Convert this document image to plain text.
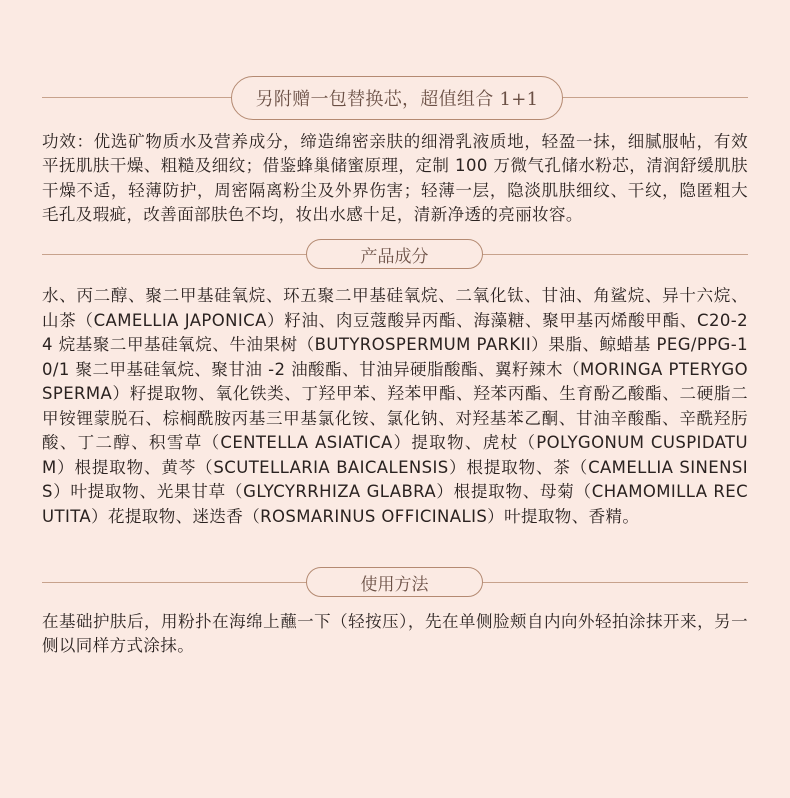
另附赠一包替换芯，超值组合 1+1

功效：优选矿物质水及营养成分，缔造绵密亲肤的细滑乳液质地，轻盈一抹，细腻服帖，有效平抚肌肤干燥、粗糙及细纹；借鉴蜂巢储蜜原理，定制 100 万微气孔储水粉芯，清润舒缓肌肤干燥不适，轻薄防护，周密隔离粉尘及外界伤害；轻薄一层，隐淡肌肤细纹、干纹，隐匿粗大毛孔及瑕疵，改善面部肤色不均，妆出水感十足，清新净透的亮丽妆容。

产品成分

水、丙二醇、聚二甲基硅氧烷、环五聚二甲基硅氧烷、二氧化钛、甘油、角鲨烷、异十六烷、山茶（CAMELLIA JAPONICA）籽油、肉豆蔻酸异丙酯、海藻糖、聚甲基丙烯酸甲酯、C20-24 烷基聚二甲基硅氧烷、牛油果树（BUTYROSPERMUM PARKII）果脂、鲸蜡基 PEG/PPG-10/1 聚二甲基硅氧烷、聚甘油 -2 油酸酯、甘油异硬脂酸酯、翼籽辣木（MORINGA PTERYGOSPERMA）籽提取物、氧化铁类、丁羟甲苯、羟苯甲酯、羟苯丙酯、生育酚乙酸酯、二硬脂二甲铵锂蒙脱石、棕榈酰胺丙基三甲基氯化铵、氯化钠、对羟基苯乙酮、甘油辛酸酯、辛酰羟肟酸、丁二醇、积雪草（CENTELLA ASIATICA）提取物、虎杖（POLYGONUM CUSPIDATUM）根提取物、黄芩（SCUTELLARIA BAICALENSIS）根提取物、茶（CAMELLIA SINENSIS）叶提取物、光果甘草（GLYCYRRHIZA GLABRA）根提取物、母菊（CHAMOMILLA RECUTITA）花提取物、迷迭香（ROSMARINUS OFFICINALIS）叶提取物、香精。

使用方法

在基础护肤后，用粉扑在海绵上蘸一下（轻按压），先在单侧脸颊自内向外轻拍涂抹开来，另一侧以同样方式涂抹。
